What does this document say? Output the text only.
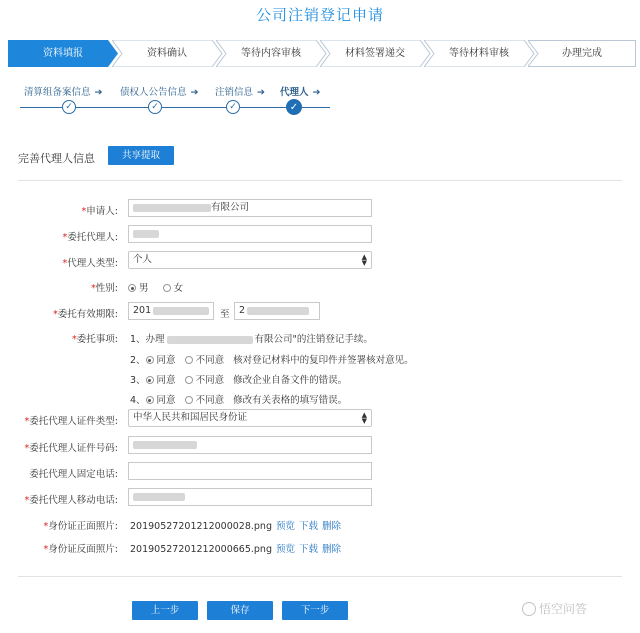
公司注销登记申请
资料填报	资料确认	等待内容审核	材料签署递交	等待材料审核	办理完成
清算组备案信息 ➔ 债权人公告信息 ➔ 注销信息 ➔ 代理人 ➔
✓	✓	✓	✓
完善代理人信息	共享提取
*申请人:	有限公司
*委托代理人:
*代理人类型:	个人	▲
▼
*性别:	男	女
*委托有效期限:	201	至 2
*委托事项: 1、办理	有限公司"的注销登记手续。
2、 同意 不同意 核对登记材料中的复印件并签署核对意见。
3、 同意 不同意 修改企业自备文件的错误。
4、 同意 不同意 修改有关表格的填写错误。
*委托代理人证件类型:	中华人民共和国居民身份证	▲
▼
*委托代理人证件号码:
委托代理人固定电话:
*委托代理人移动电话:
*身份证正面照片: 20190527201212000028.png 预览 下载 删除
*身份证反面照片: 20190527201212000665.png 预览 下载 删除
上一步	保存	下一步	悟空问答
